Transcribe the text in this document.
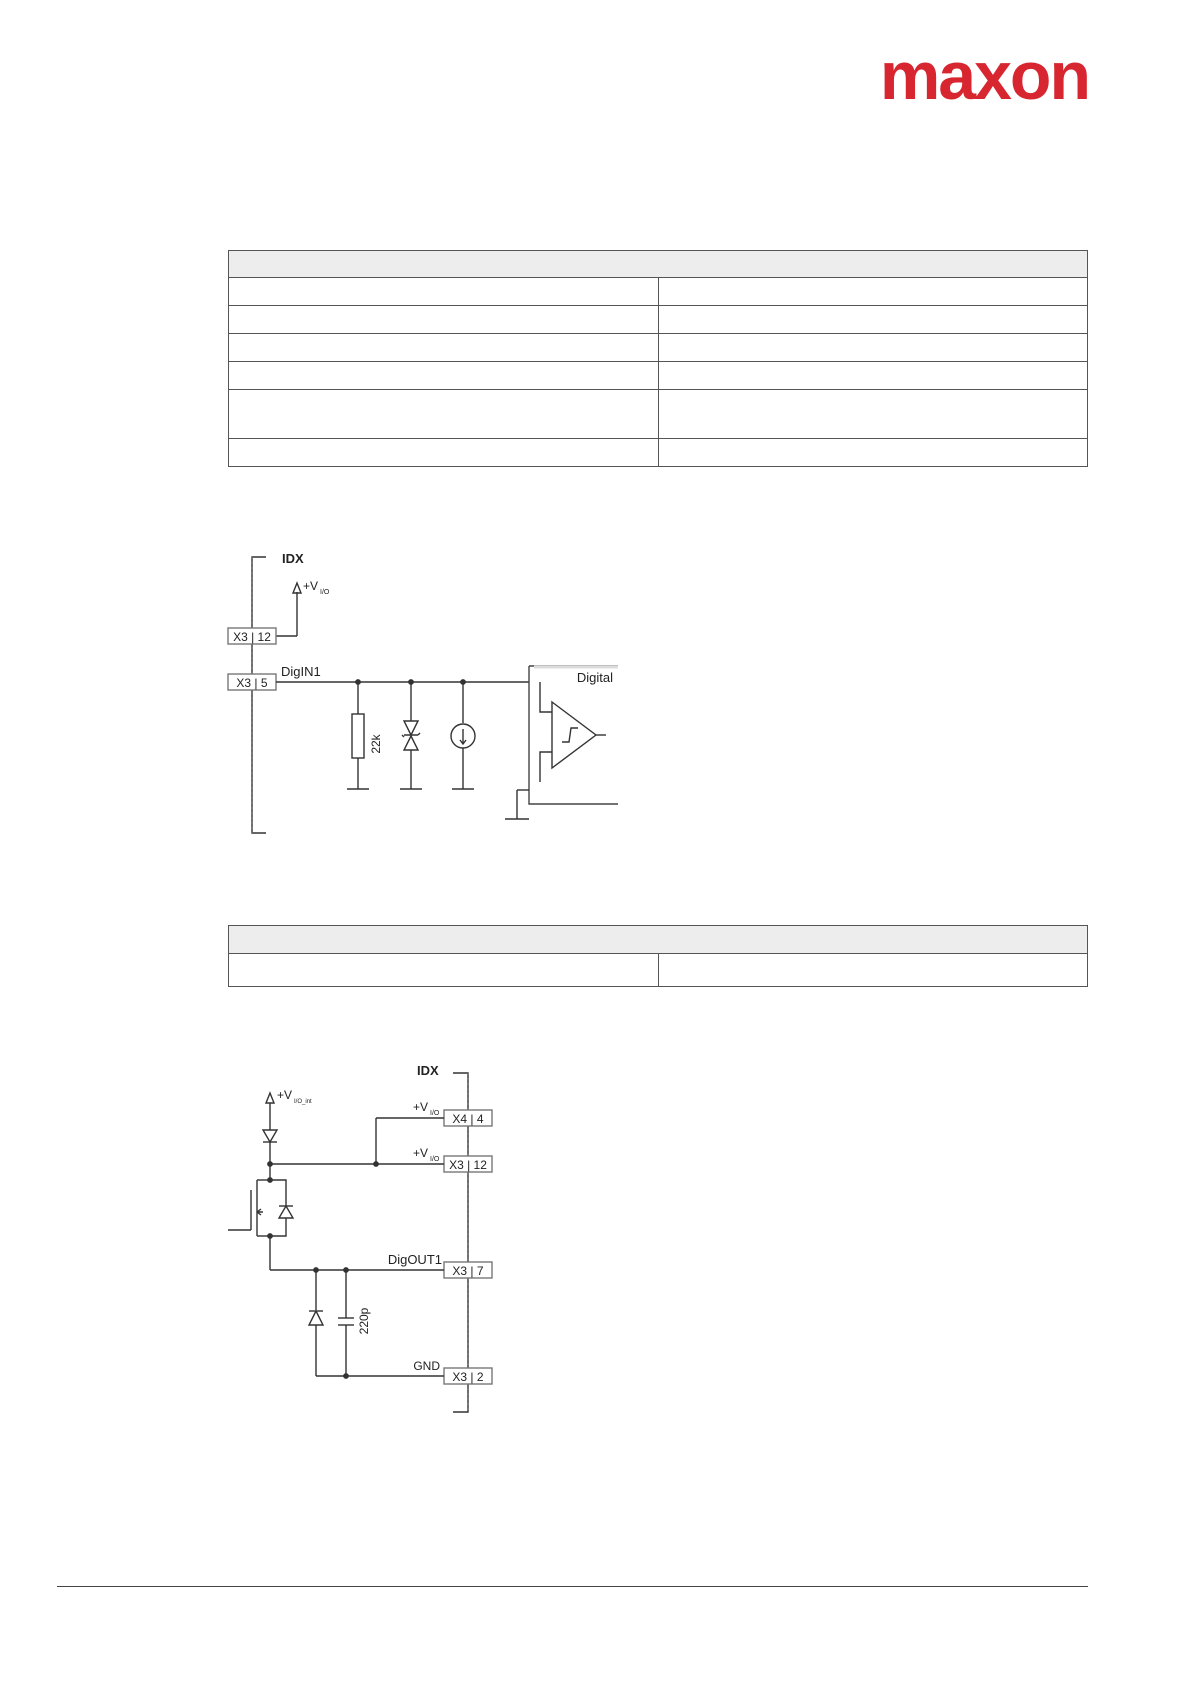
maxon

IDX
+V I/O
X3 | 12
X3 | 5
DigIN1
22k
Digital

IDX
+V I/O_int	+V I/O
+V I/O
X4 | 4
X3 | 12
X3 | 7
X3 | 2
DigOUT1
GND
220p
